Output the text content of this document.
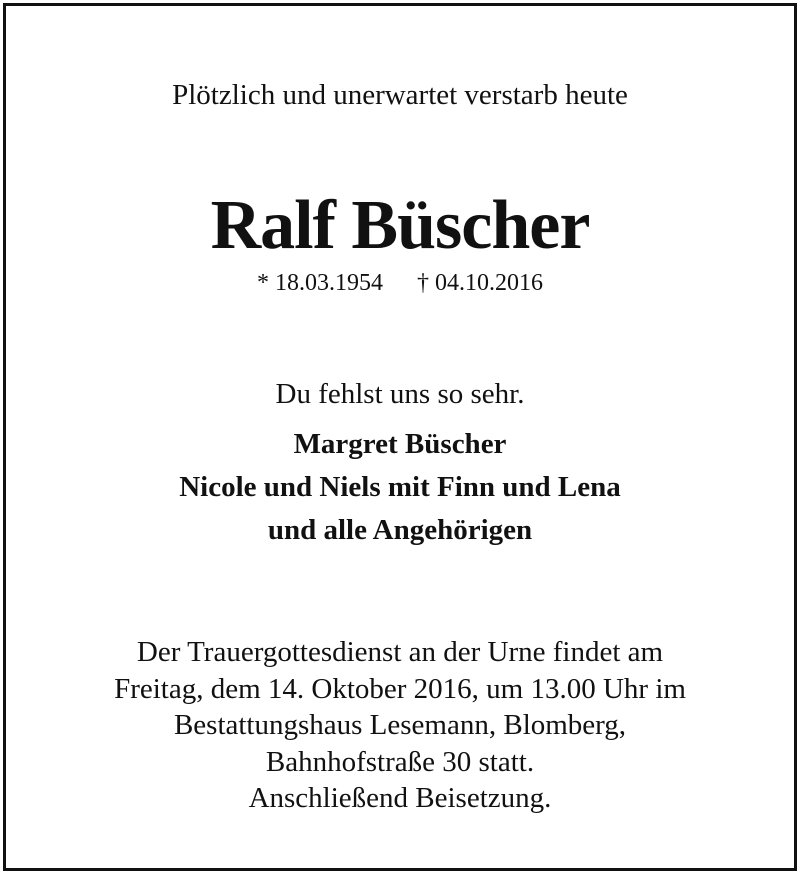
Plötzlich und unerwartet verstarb heute
Ralf Büscher
* 18.03.1954 † 04.10.2016
Du fehlst uns so sehr.
Margret Büscher
Nicole und Niels mit Finn und Lena
und alle Angehörigen
Der Trauergottesdienst an der Urne findet am
Freitag, dem 14. Oktober 2016, um 13.00 Uhr im
Bestattungshaus Lesemann, Blomberg,
Bahnhofstraße 30 statt.
Anschließend Beisetzung.
